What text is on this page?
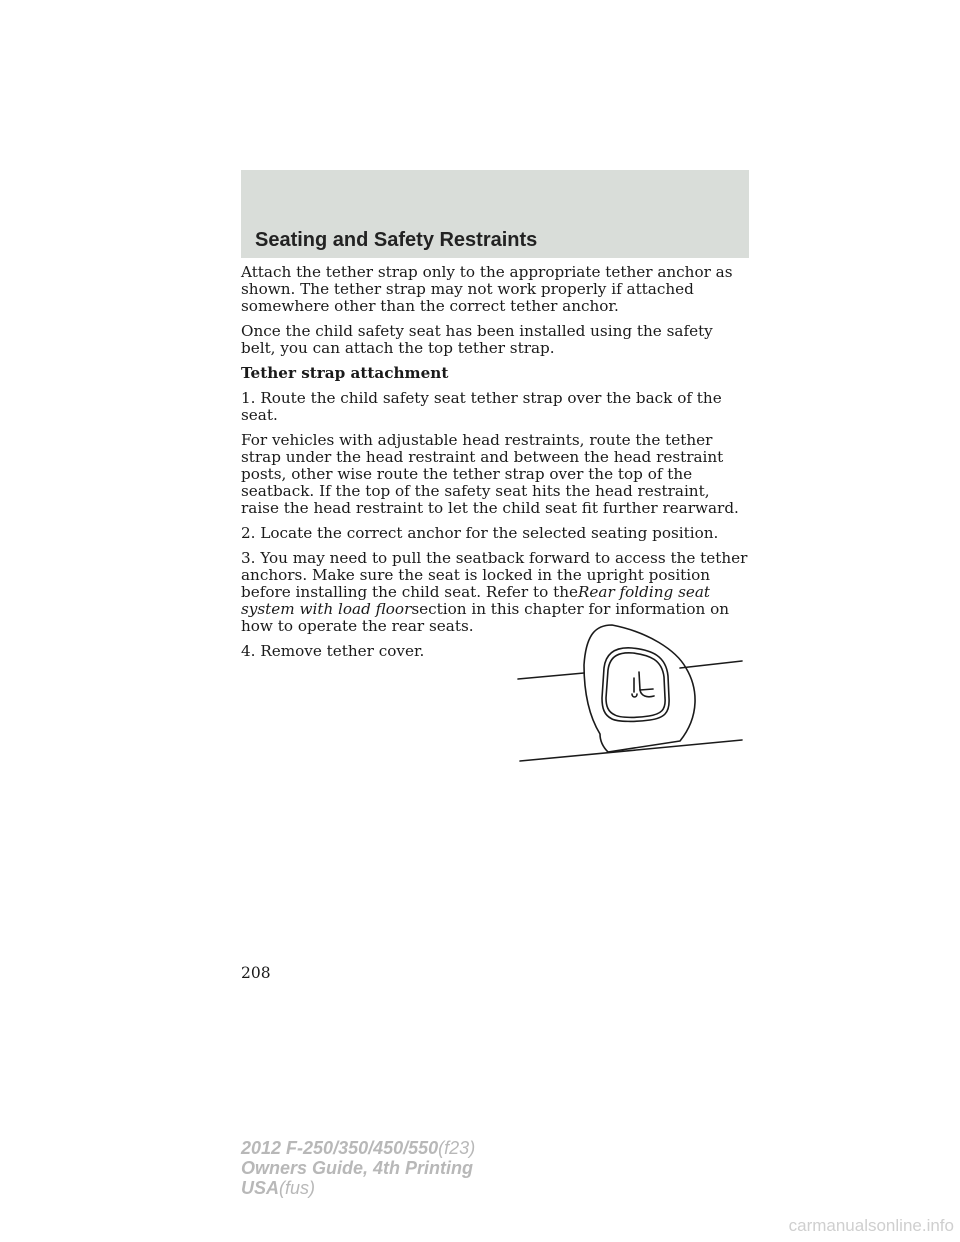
Seating and Safety Restraints

Attach the tether strap only to the appropriate tether anchor as shown. The tether strap may not work properly if attached somewhere other than the correct tether anchor.

Once the child safety seat has been installed using the safety belt, you can attach the top tether strap.

Tether strap attachment

1. Route the child safety seat tether strap over the back of the seat.

For vehicles with adjustable head restraints, route the tether strap under the head restraint and between the head restraint posts, other wise route the tether strap over the top of the seatback. If the top of the safety seat hits the head restraint, raise the head restraint to let the child seat fit further rearward.

2. Locate the correct anchor for the selected seating position.

3. You may need to pull the seatback forward to access the tether anchors. Make sure the seat is locked in the upright position before installing the child seat. Refer to theRear folding seat system with load floorsection in this chapter for information on how to operate the rear seats.

4. Remove tether cover.

208
2012 F-250/350/450/550(f23)
Owners Guide, 4th Printing
USA(fus)
carmanualsonline.info
